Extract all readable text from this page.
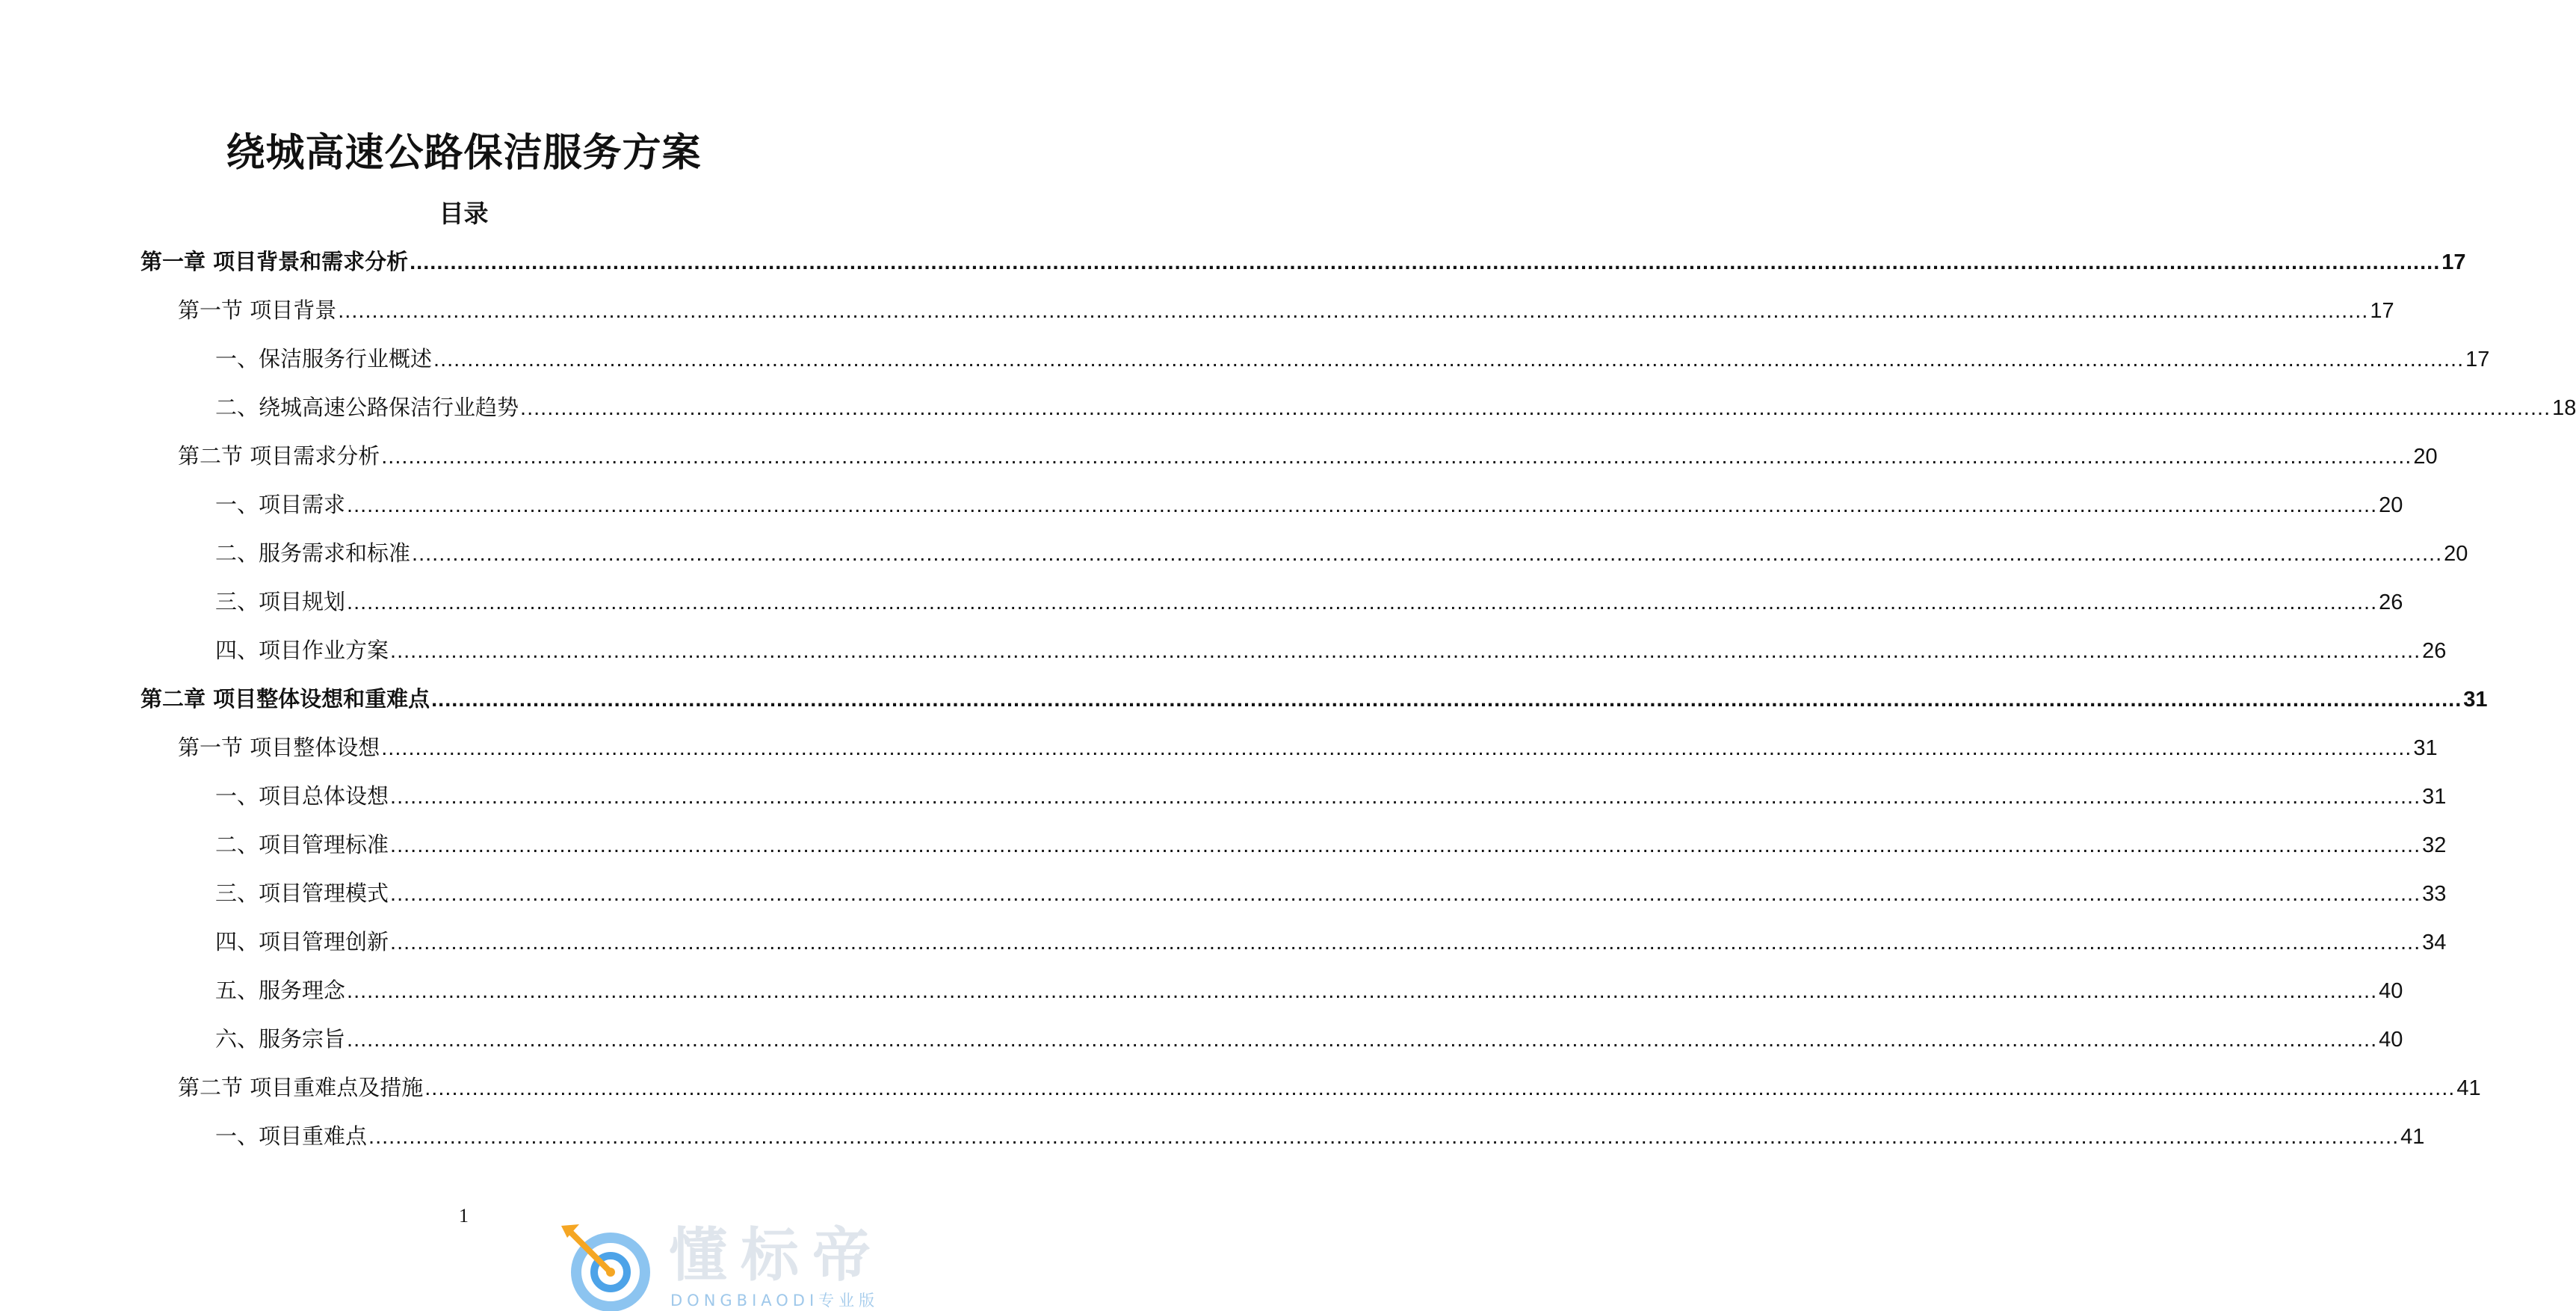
绕城高速公路保洁服务方案
目录
第一章 项目背景和需求分析 ............................................................................................................................................................................................................................................................................................................ 17
第一节 项目背景 ............................................................................................................................................................................................................................................................................................................ 17
一、保洁服务行业概述 ............................................................................................................................................................................................................................................................................................................ 17
二、绕城高速公路保洁行业趋势 ............................................................................................................................................................................................................................................................................................................ 18
第二节 项目需求分析 ............................................................................................................................................................................................................................................................................................................ 20
一、项目需求 ............................................................................................................................................................................................................................................................................................................ 20
二、服务需求和标准 ............................................................................................................................................................................................................................................................................................................ 20
三、项目规划 ............................................................................................................................................................................................................................................................................................................ 26
四、项目作业方案 ............................................................................................................................................................................................................................................................................................................ 26
第二章 项目整体设想和重难点 ............................................................................................................................................................................................................................................................................................................ 31
第一节 项目整体设想 ............................................................................................................................................................................................................................................................................................................ 31
一、项目总体设想 ............................................................................................................................................................................................................................................................................................................ 31
二、项目管理标准 ............................................................................................................................................................................................................................................................................................................ 32
三、项目管理模式 ............................................................................................................................................................................................................................................................................................................ 33
四、项目管理创新 ............................................................................................................................................................................................................................................................................................................ 34
五、服务理念 ............................................................................................................................................................................................................................................................................................................ 40
六、服务宗旨 ............................................................................................................................................................................................................................................................................................................ 40
第二节 项目重难点及措施 ............................................................................................................................................................................................................................................................................................................ 41
一、项目重难点 ............................................................................................................................................................................................................................................................................................................ 41
1
懂标帝
DONGBIAODI专业版
